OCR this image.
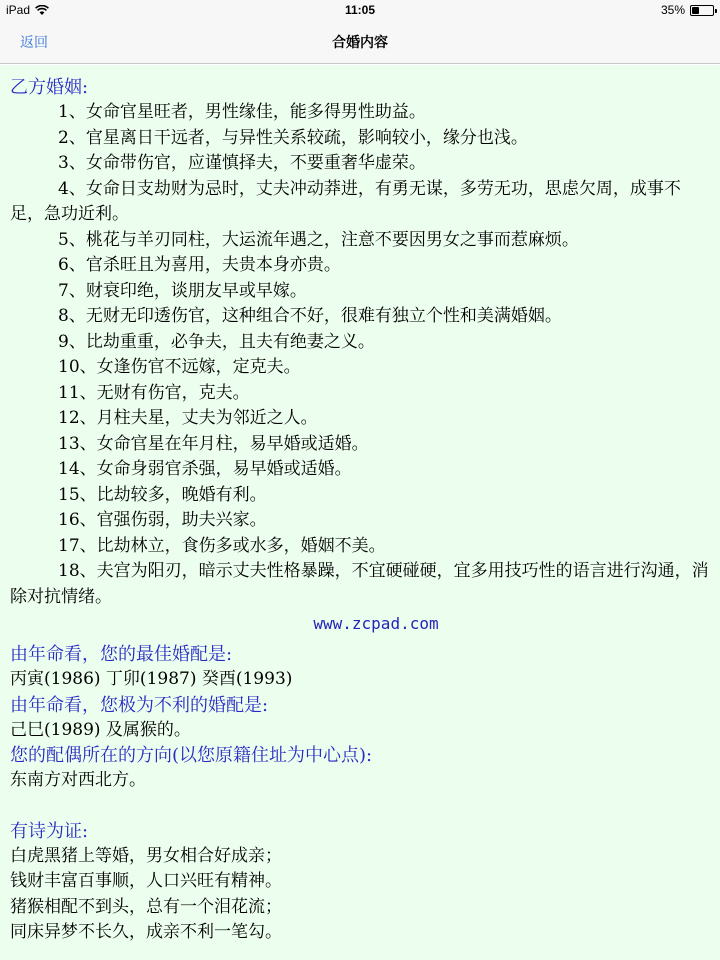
iPad	11:05	35%
返回	合婚内容
乙方婚姻:
1、女命官星旺者，男性缘佳，能多得男性助益。
2、官星离日干远者，与异性关系较疏，影响较小，缘分也浅。
3、女命带伤官，应谨慎择夫，不要重奢华虚荣。
4、女命日支劫财为忌时，丈夫冲动莽进，有勇无谋，多劳无功，思虑欠周，成事不足，急功近利。
5、桃花与羊刃同柱，大运流年遇之，注意不要因男女之事而惹麻烦。
6、官杀旺且为喜用，夫贵本身亦贵。
7、财衰印绝，谈朋友早或早嫁。
8、无财无印透伤官，这种组合不好，很难有独立个性和美满婚姻。
9、比劫重重，必争夫，且夫有绝妻之义。
10、女逢伤官不远嫁，定克夫。
11、无财有伤官，克夫。
12、月柱夫星，丈夫为邻近之人。
13、女命官星在年月柱，易早婚或适婚。
14、女命身弱官杀强，易早婚或适婚。
15、比劫较多，晚婚有利。
16、官强伤弱，助夫兴家。
17、比劫林立，食伤多或水多，婚姻不美。
18、夫宫为阳刃，暗示丈夫性格暴躁，不宜硬碰硬，宜多用技巧性的语言进行沟通，消除对抗情绪。
www.zcpad.com
由年命看，您的最佳婚配是:
丙寅(1986) 丁卯(1987) 癸酉(1993)
由年命看，您极为不利的婚配是:
己巳(1989) 及属猴的。
您的配偶所在的方向(以您原籍住址为中心点):
东南方对西北方。
有诗为证:
白虎黑猪上等婚，男女相合好成亲；
钱财丰富百事顺，人口兴旺有精神。
猪猴相配不到头，总有一个泪花流；
同床异梦不长久，成亲不利一笔勾。
